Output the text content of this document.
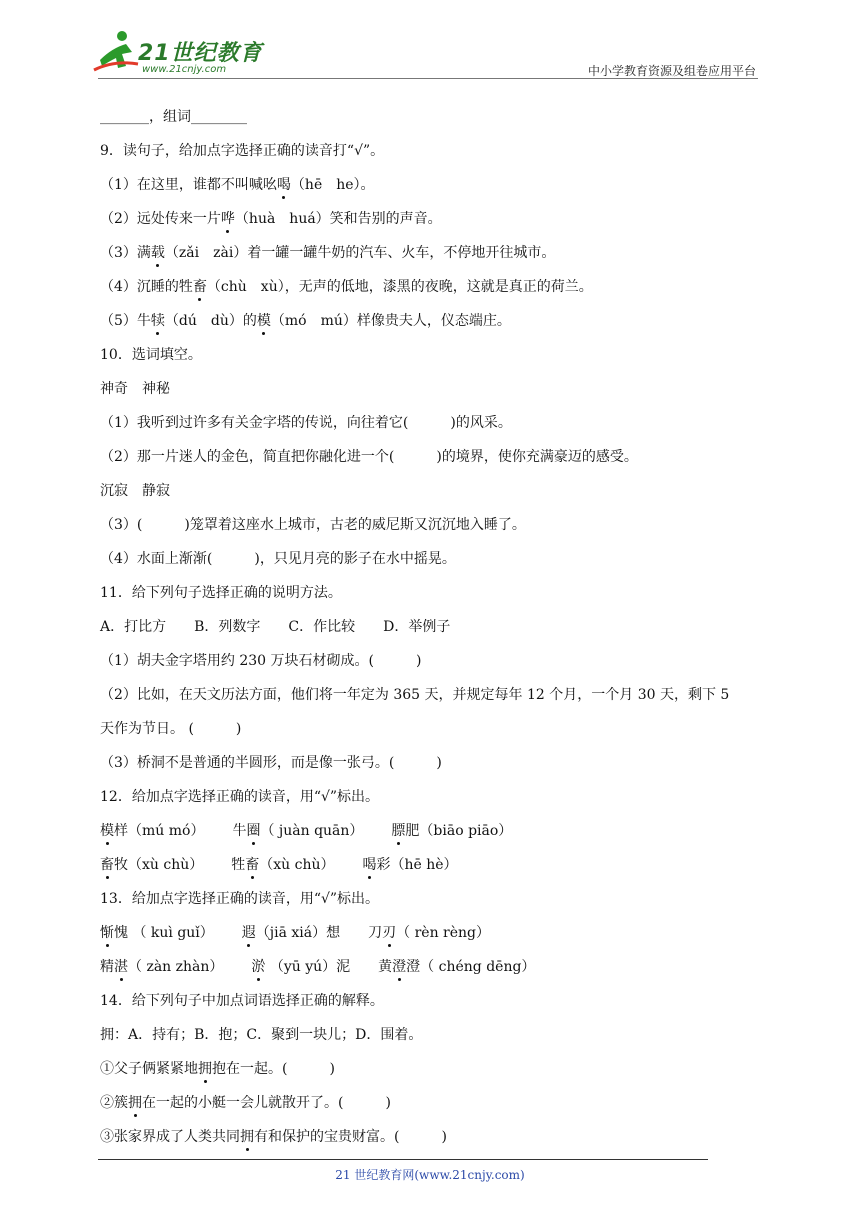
21世纪教育
www.21cnjy.com	中小学教育资源及组卷应用平台
_______，组词________
9．读句子，给加点字选择正确的读音打“√”。
（1）在这里，谁都不叫喊吆喝（hē　he）。
（2）远处传来一片哗（huà　huá）笑和告别的声音。
（3）满载（zǎi　zài）着一罐一罐牛奶的汽车、火车，不停地开往城市。
（4）沉睡的牲畜（chù　xù），无声的低地，漆黑的夜晚，这就是真正的荷兰。
（5）牛犊（dú　dù）的模（mó　mú）样像贵夫人，仪态端庄。
10．选词填空。
神奇　神秘
（1）我听到过许多有关金字塔的传说，向往着它(　　　)的风采。
（2）那一片迷人的金色，简直把你融化进一个(　　　)的境界，使你充满豪迈的感受。
沉寂　静寂
（3）(　　　)笼罩着这座水上城市，古老的威尼斯又沉沉地入睡了。
（4）水面上渐渐(　　　)，只见月亮的影子在水中摇晃。
11．给下列句子选择正确的说明方法。
A．打比方 B．列数字 C．作比较 D．举例子
（1）胡夫金字塔用约 230 万块石材砌成。(　　　)
（2）比如，在天文历法方面，他们将一年定为 365 天，并规定每年 12 个月，一个月 30 天，剩下 5
天作为节日。 (　　　)
（3）桥洞不是普通的半圆形，而是像一张弓。(　　　)
12．给加点字选择正确的读音，用“√”标出。
模样（mú mó） 牛圈（ juàn quān） 膘肥（biāo piāo）
畜牧（xù chù） 牲畜（xù chù） 喝彩（hē hè）
13．给加点字选择正确的读音，用“√”标出。
惭愧 （ kuì guǐ） 遐（jiā xiá）想 刀刃（ rèn rèng）
精湛（ zàn zhàn） 淤 （yū yú）泥 黄澄澄（ chéng dēng）
14．给下列句子中加点词语选择正确的解释。
拥：A．持有；B．抱；C．聚到一块儿；D．围着。
①父子俩紧紧地拥抱在一起。(　　　)
②簇拥在一起的小艇一会儿就散开了。(　　　)
③张家界成了人类共同拥有和保护的宝贵财富。(　　　)
21 世纪教育网(www.21cnjy.com)
